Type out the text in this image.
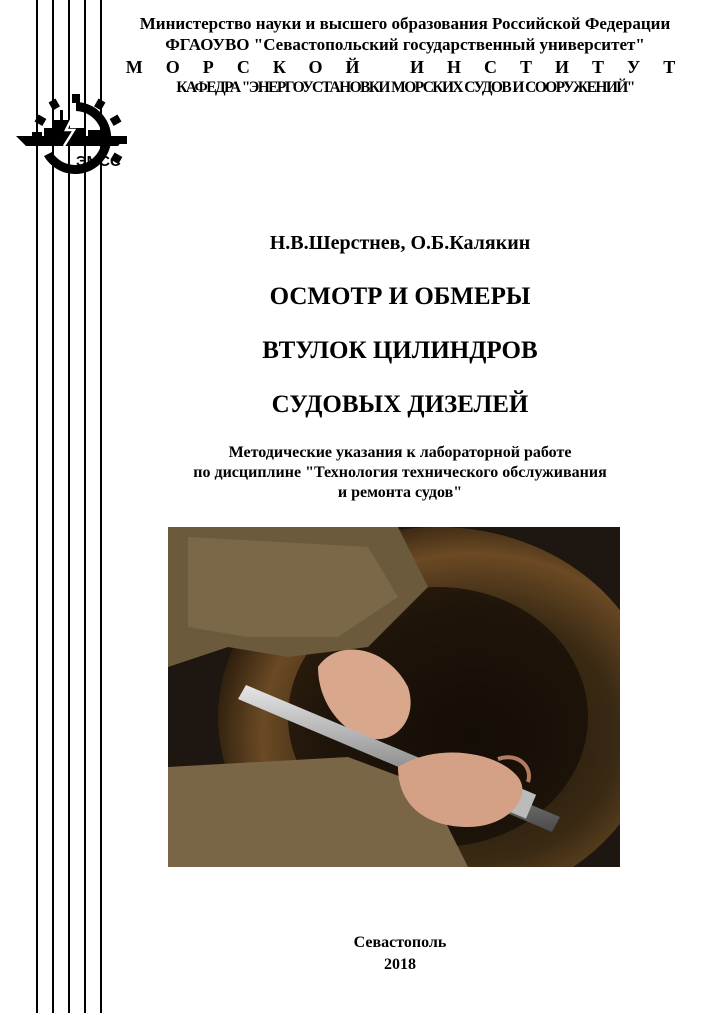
Министерство науки и высшего образования Российской Федерации
ФГАОУВО "Севастопольский государственный университет"
МОРСКОЙ ИНСТИТУТ
КАФЕДРА "ЭНЕРГОУСТАНОВКИ МОРСКИХ СУДОВ И СООРУЖЕНИЙ"
ЭМСС
Н.В.Шерстнев, О.Б.Калякин
ОСМОТР И ОБМЕРЫ
ВТУЛОК ЦИЛИНДРОВ
СУДОВЫХ ДИЗЕЛЕЙ
Методические указания к лабораторной работе
по дисциплине "Технология технического обслуживания
и ремонта судов"
Севастополь
2018
